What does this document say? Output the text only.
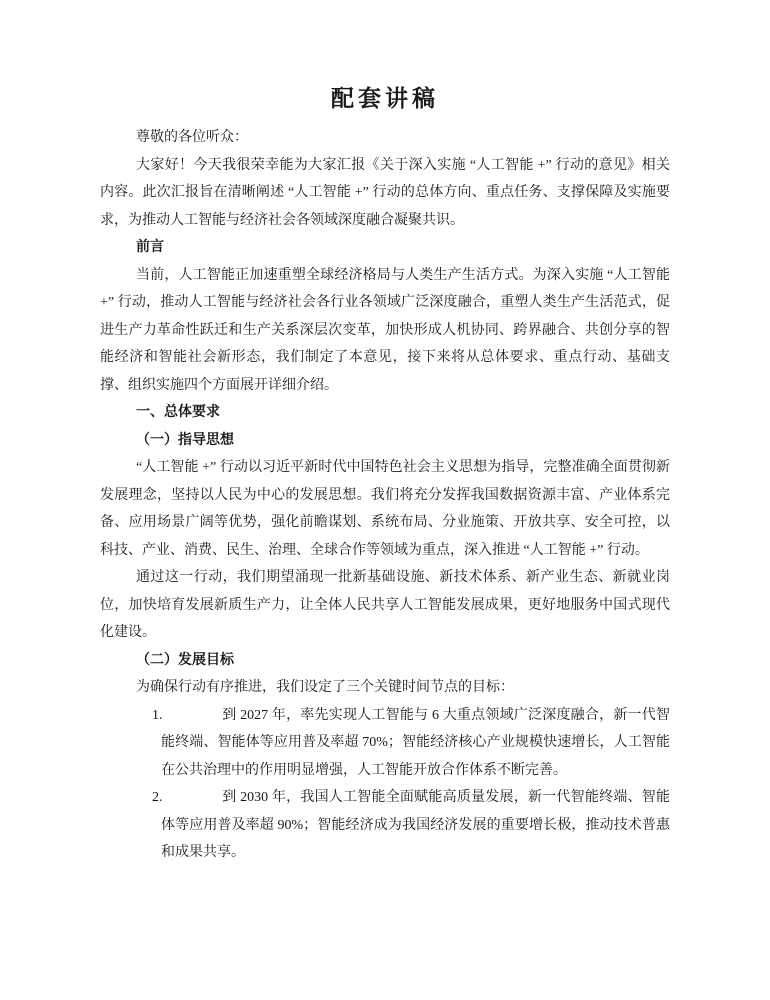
配套讲稿

尊敬的各位听众：

大家好！今天我很荣幸能为大家汇报《关于深入实施 “人工智能 +” 行动的意见》相关内容。此次汇报旨在清晰阐述 “人工智能 +” 行动的总体方向、重点任务、支撑保障及实施要求，为推动人工智能与经济社会各领域深度融合凝聚共识。

前言

当前，人工智能正加速重塑全球经济格局与人类生产生活方式。为深入实施 “人工智能 +” 行动，推动人工智能与经济社会各行业各领域广泛深度融合，重塑人类生产生活范式，促进生产力革命性跃迁和生产关系深层次变革，加快形成人机协同、跨界融合、共创分享的智能经济和智能社会新形态，我们制定了本意见，接下来将从总体要求、重点行动、基础支撑、组织实施四个方面展开详细介绍。

一、总体要求

（一）指导思想

“人工智能 +” 行动以习近平新时代中国特色社会主义思想为指导，完整准确全面贯彻新发展理念，坚持以人民为中心的发展思想。我们将充分发挥我国数据资源丰富、产业体系完备、应用场景广阔等优势，强化前瞻谋划、系统布局、分业施策、开放共享、安全可控，以科技、产业、消费、民生、治理、全球合作等领域为重点，深入推进 “人工智能 +” 行动。

通过这一行动，我们期望涌现一批新基础设施、新技术体系、新产业生态、新就业岗位，加快培育发展新质生产力，让全体人民共享人工智能发展成果，更好地服务中国式现代化建设。

（二）发展目标

为确保行动有序推进，我们设定了三个关键时间节点的目标：

1.	到 2027 年，率先实现人工智能与 6 大重点领域广泛深度融合，新一代智能终端、智能体等应用普及率超 70%；智能经济核心产业规模快速增长，人工智能在公共治理中的作用明显增强，人工智能开放合作体系不断完善。
2.	到 2030 年，我国人工智能全面赋能高质量发展，新一代智能终端、智能体等应用普及率超 90%；智能经济成为我国经济发展的重要增长极，推动技术普惠和成果共享。
